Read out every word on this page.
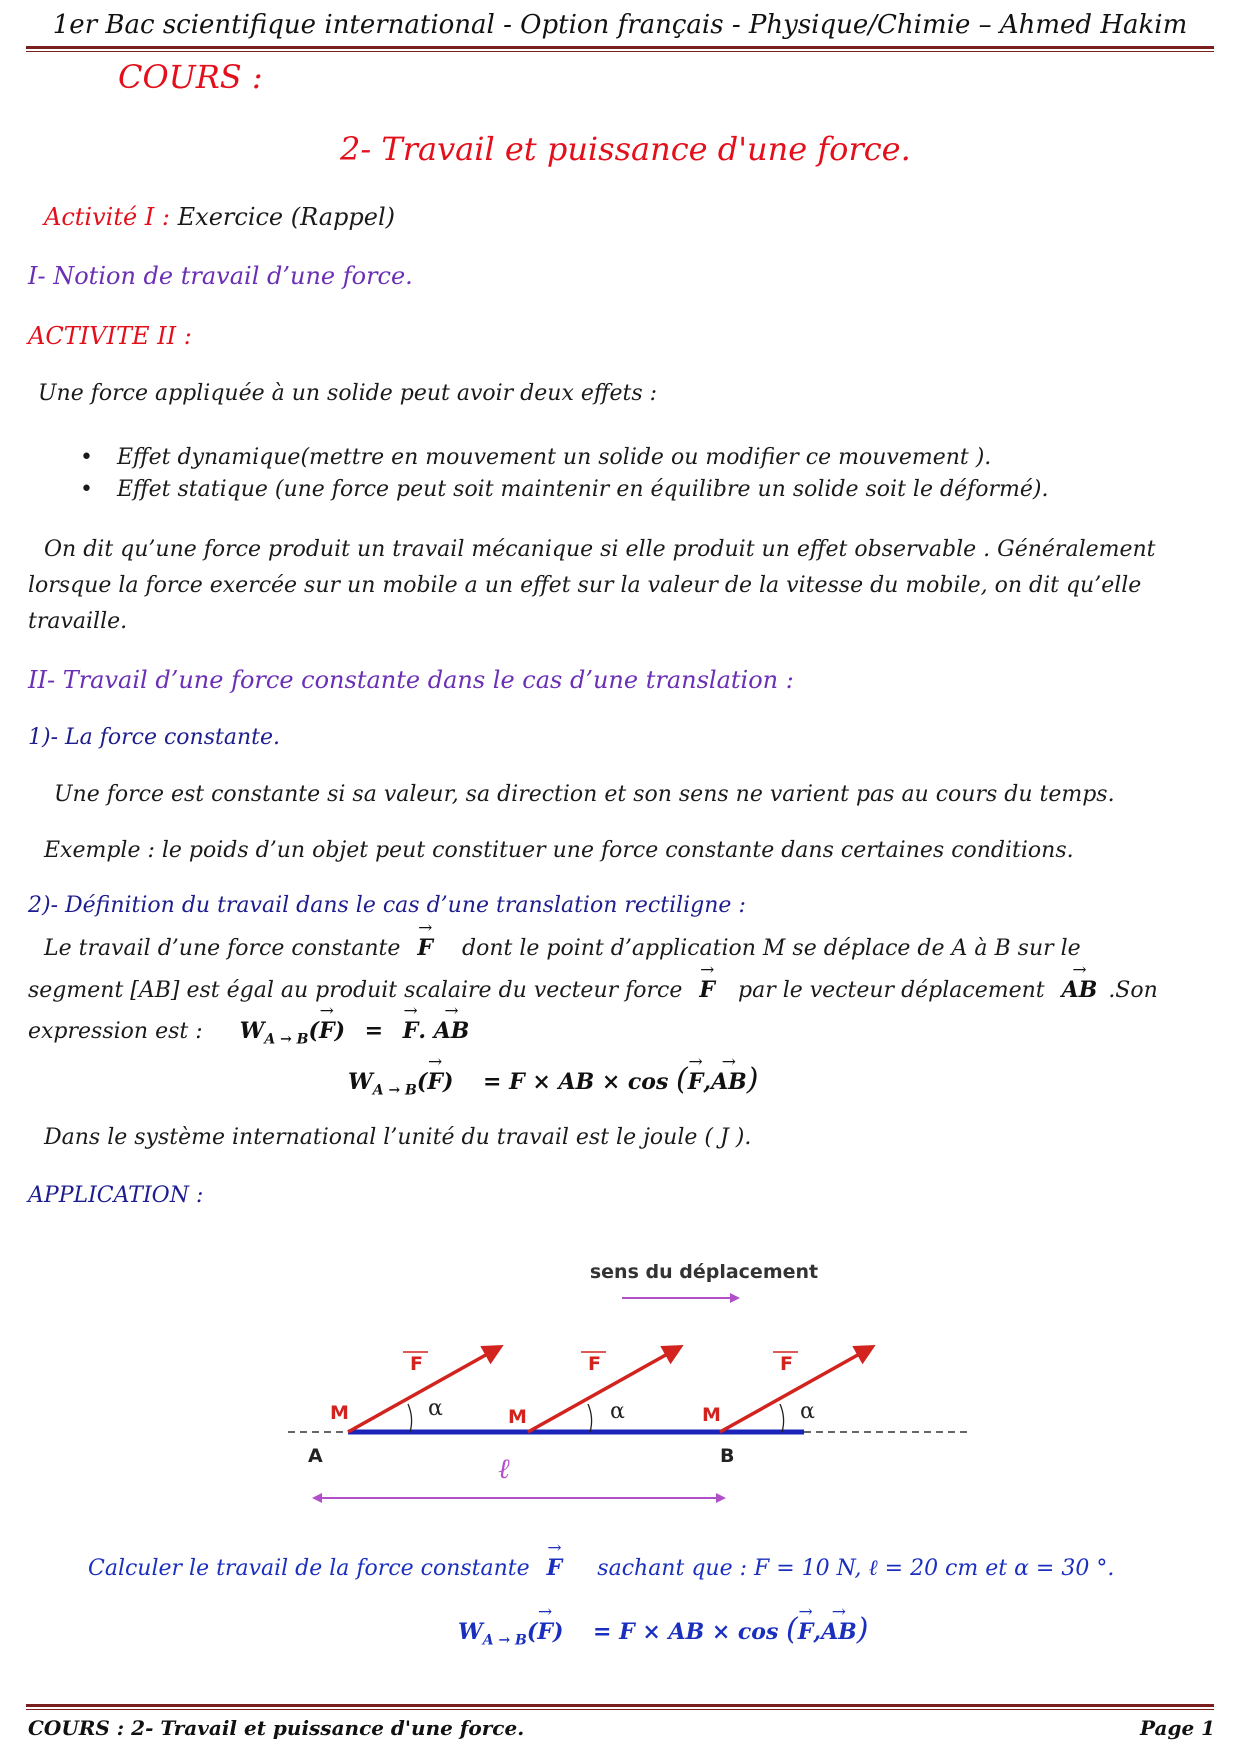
1er Bac scientifique international - Option français - Physique/Chimie – Ahmed Hakim
COURS :
2- Travail et puissance d'une force.
Activité I : Exercice (Rappel)
I- Notion de travail d’une force.
ACTIVITE II :
Une force appliquée à un solide peut avoir deux effets :
• Effet dynamique(mettre en mouvement un solide ou modifier ce mouvement ).
• Effet statique (une force peut soit maintenir en équilibre un solide soit le déformé).
On dit qu’une force produit un travail mécanique si elle produit un effet observable . Généralement
lorsque la force exercée sur un mobile a un effet sur la valeur de la vitesse du mobile, on dit qu’elle
travaille.
II- Travail d’une force constante dans le cas d’une translation :
1)- La force constante.
Une force est constante si sa valeur, sa direction et son sens ne varient pas au cours du temps.
Exemple : le poids d’un objet peut constituer une force constante dans certaines conditions.
2)- Définition du travail dans le cas d’une translation rectiligne :
Le travail d’une force constante → F dont le point d’application M se déplace de A à B sur le
segment [AB] est égal au produit scalaire du vecteur force → F par le vecteur déplacement → AB .Son
expression est : $W_{A \to B}(\to F)$ = → F. → AB
$W_{A \to B}(\to F) = F$ × AB × cos (→ F,→ AB)
Dans le système international l’unité du travail est le joule ( J ).
APPLICATION :
sens du déplacement
F
M	α
F
M	α
F
M	α
A	B
ℓ
Calculer le travail de la force constante → F sachant que : F = 10 N, ℓ = 20 cm et α = 30 °.
$W_{A \to B}(\to F) = F$ × AB × cos (→ F,→ AB)
COURS : 2- Travail et puissance d'une force.	Page 1
